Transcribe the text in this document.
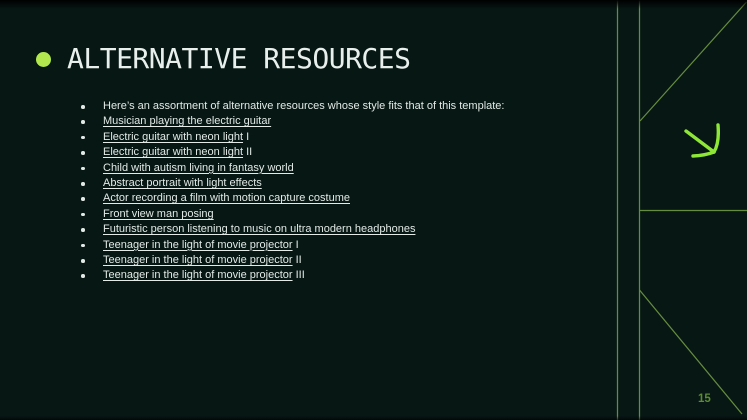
ALTERNATIVE RESOURCES
Here’s an assortment of alternative resources whose style fits that of this template:
Musician playing the electric guitar
Electric guitar with neon light I
Electric guitar with neon light II
Child with autism living in fantasy world
Abstract portrait with light effects
Actor recording a film with motion capture costume
Front view man posing
Futuristic person listening to music on ultra modern headphones
Teenager in the light of movie projector I
Teenager in the light of movie projector II
Teenager in the light of movie projector III
15
